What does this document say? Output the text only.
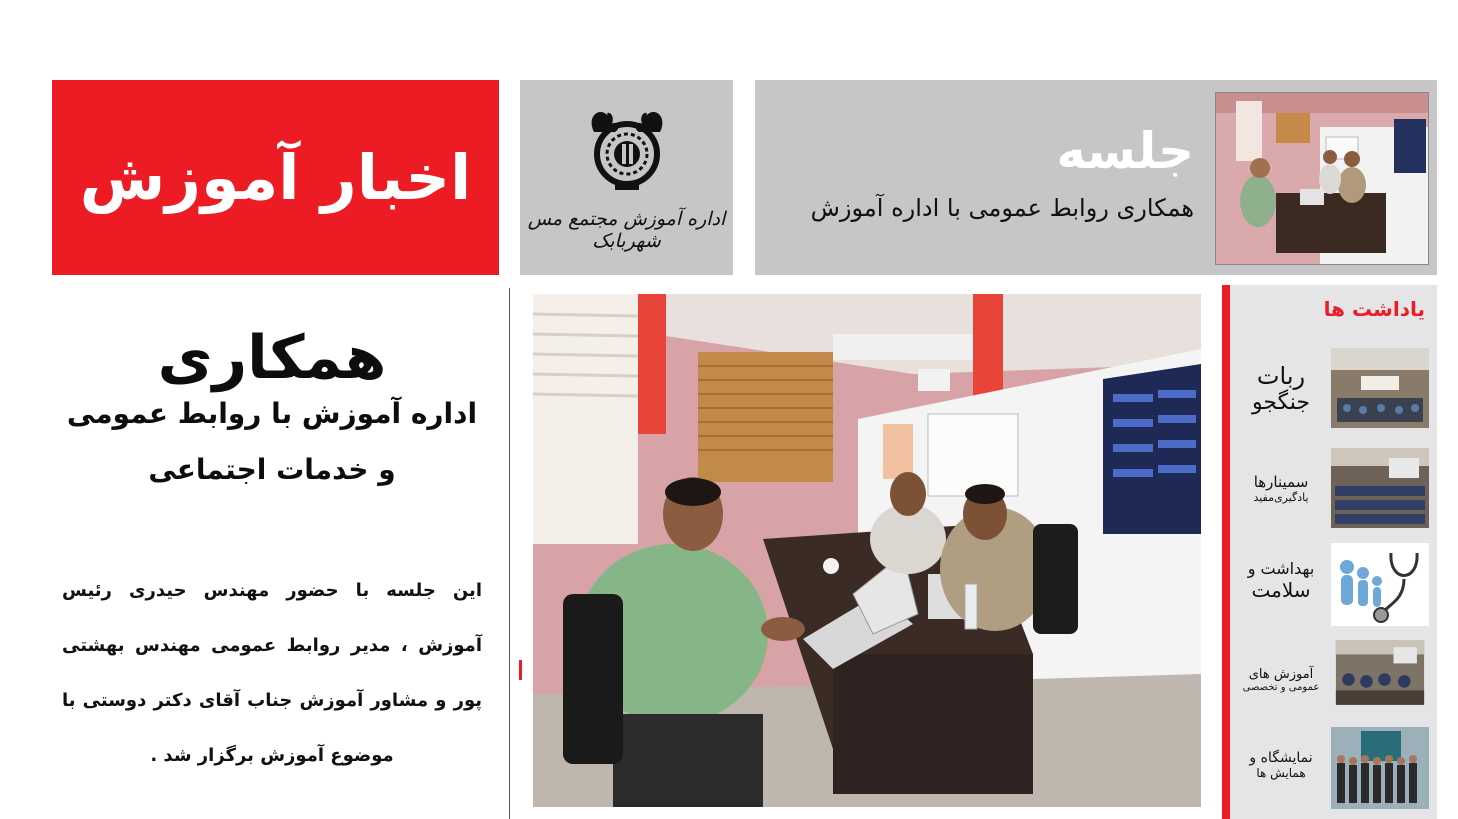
اخبار آموزش
اداره آموزش مجتمع مس شهربابک
جلسه
همکاری روابط عمومی با اداره آموزش
همکاری
اداره آموزش با روابط عمومی
و خدمات اجتماعی
این جلسه با حضور مهندس حیدری رئیس آموزش ، مدیر روابط عمومی مهندس بهشتی پور و مشاور آموزش جناب آقای دکتر دوستی با موضوع آموزش برگزار شد .
یاداشت ها
ربات
جنگجو
سمینارها
یادگیری‌مفید
بهداشت و
سلامت
آموزش های
عمومی و تخصصی
نمایشگاه و
همایش ها
